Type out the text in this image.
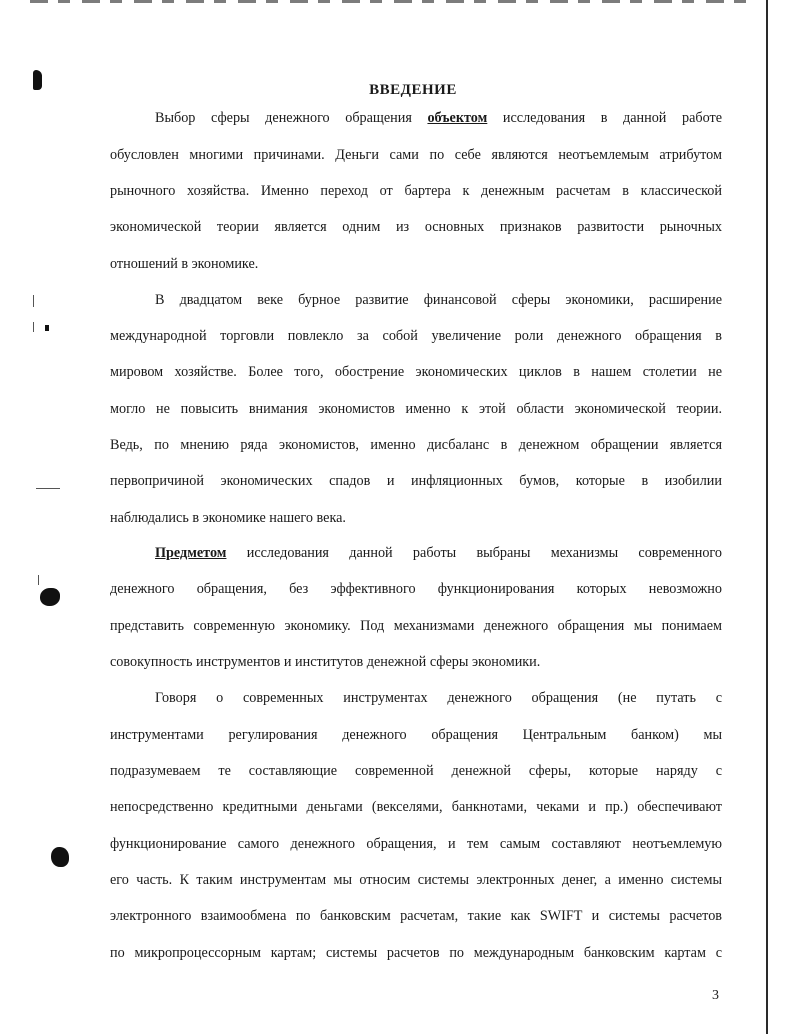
ВВЕДЕНИЕ
Выбор сферы денежного обращения объектом исследования в данной работе
обусловлен многими причинами. Деньги сами по себе являются неотъемлемым атрибутом
рыночного хозяйства. Именно переход от бартера к денежным расчетам в классической
экономической теории является одним из основных признаков развитости рыночных
отношений в экономике.
В двадцатом веке бурное развитие финансовой сферы экономики, расширение
международной торговли повлекло за собой увеличение роли денежного обращения в
мировом хозяйстве. Более того, обострение экономических циклов в нашем столетии не
могло не повысить внимания экономистов именно к этой области экономической теории.
Ведь, по мнению ряда экономистов, именно дисбаланс в денежном обращении является
первопричиной экономических спадов и инфляционных бумов, которые в изобилии
наблюдались в экономике нашего века.
Предметом исследования данной работы выбраны механизмы современного
денежного обращения, без эффективного функционирования которых невозможно
представить современную экономику. Под механизмами денежного обращения мы понимаем
совокупность инструментов и институтов денежной сферы экономики.
Говоря о современных инструментах денежного обращения (не путать с
инструментами регулирования денежного обращения Центральным банком) мы
подразумеваем те составляющие современной денежной сферы, которые наряду с
непосредственно кредитными деньгами (векселями, банкнотами, чеками и пр.) обеспечивают
функционирование самого денежного обращения, и тем самым составляют неотъемлемую
его часть. К таким инструментам мы относим системы электронных денег, а именно системы
электронного взаимообмена по банковским расчетам, такие как SWIFT и системы расчетов
по микропроцессорным картам; системы расчетов по международным банковским картам с
3
